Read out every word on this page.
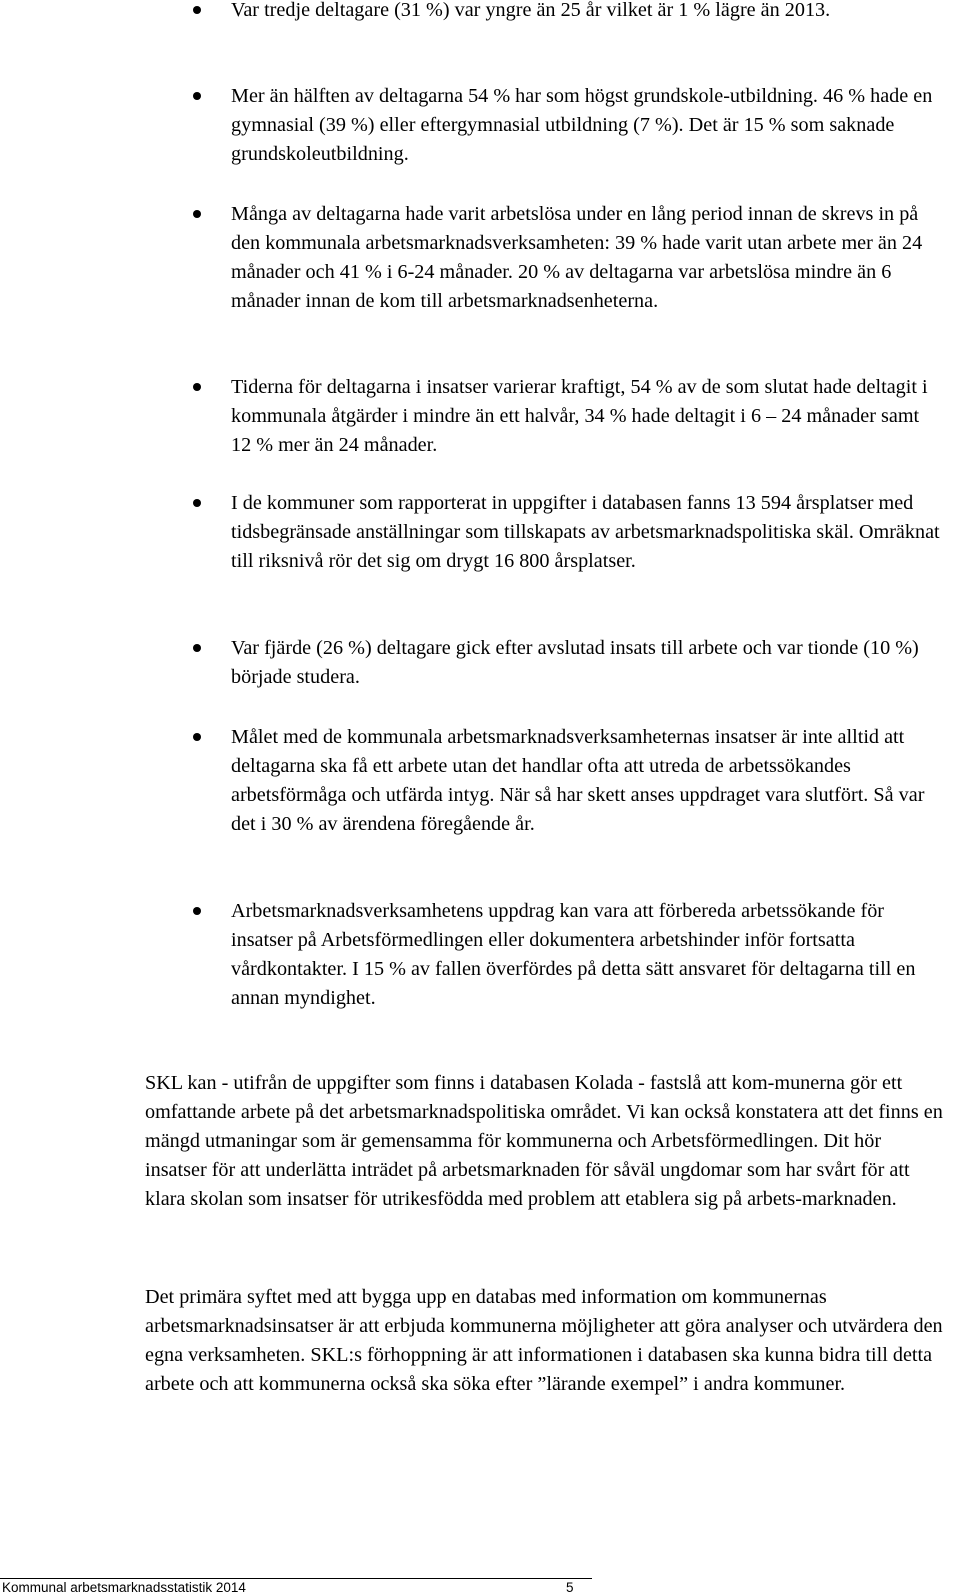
Var tredje deltagare (31 %) var yngre än 25 år vilket är 1 % lägre än 2013.

Mer än hälften av deltagarna 54 % har som högst grundskole-utbildning. 46 % hade en gymnasial (39 %) eller eftergymnasial utbildning (7 %). Det är 15 % som saknade grundskoleutbildning.

Många av deltagarna hade varit arbetslösa under en lång period innan de skrevs in på den kommunala arbetsmarknadsverksamheten: 39 % hade varit utan arbete mer än 24 månader och 41 % i 6-24 månader. 20 % av deltagarna var arbetslösa mindre än 6 månader innan de kom till arbetsmarknadsenheterna.

Tiderna för deltagarna i insatser varierar kraftigt, 54 % av de som slutat hade deltagit i kommunala åtgärder i mindre än ett halvår, 34 % hade deltagit i 6 – 24 månader samt 12 % mer än 24 månader.

I de kommuner som rapporterat in uppgifter i databasen fanns 13 594 årsplatser med tidsbegränsade anställningar som tillskapats av arbetsmarknadspolitiska skäl. Omräknat till riksnivå rör det sig om drygt 16 800 årsplatser.

Var fjärde (26 %) deltagare gick efter avslutad insats till arbete och var tionde (10 %) började studera.

Målet med de kommunala arbetsmarknadsverksamheternas insatser är inte alltid att deltagarna ska få ett arbete utan det handlar ofta att utreda de arbetssökandes arbetsförmåga och utfärda intyg. När så har skett anses uppdraget vara slutfört. Så var det i 30 % av ärendena föregående år.

Arbetsmarknadsverksamhetens uppdrag kan vara att förbereda arbetssökande för insatser på Arbetsförmedlingen eller dokumentera arbetshinder inför fortsatta vårdkontakter. I 15 % av fallen överfördes på detta sätt ansvaret för deltagarna till en annan myndighet.

SKL kan - utifrån de uppgifter som finns i databasen Kolada - fastslå att kom-munerna gör ett omfattande arbete på det arbetsmarknadspolitiska området. Vi kan också konstatera att det finns en mängd utmaningar som är gemensamma för kommunerna och Arbetsförmedlingen. Dit hör insatser för att underlätta inträdet på arbetsmarknaden för såväl ungdomar som har svårt för att klara skolan som insatser för utrikesfödda med problem att etablera sig på arbets-marknaden.

Det primära syftet med att bygga upp en databas med information om kommunernas arbetsmarknadsinsatser är att erbjuda kommunerna möjligheter att göra analyser och utvärdera den egna verksamheten. SKL:s förhoppning är att informationen i databasen ska kunna bidra till detta arbete och att kommunerna också ska söka efter ”lärande exempel” i andra kommuner.

Kommunal arbetsmarknadsstatistik 2014	5
